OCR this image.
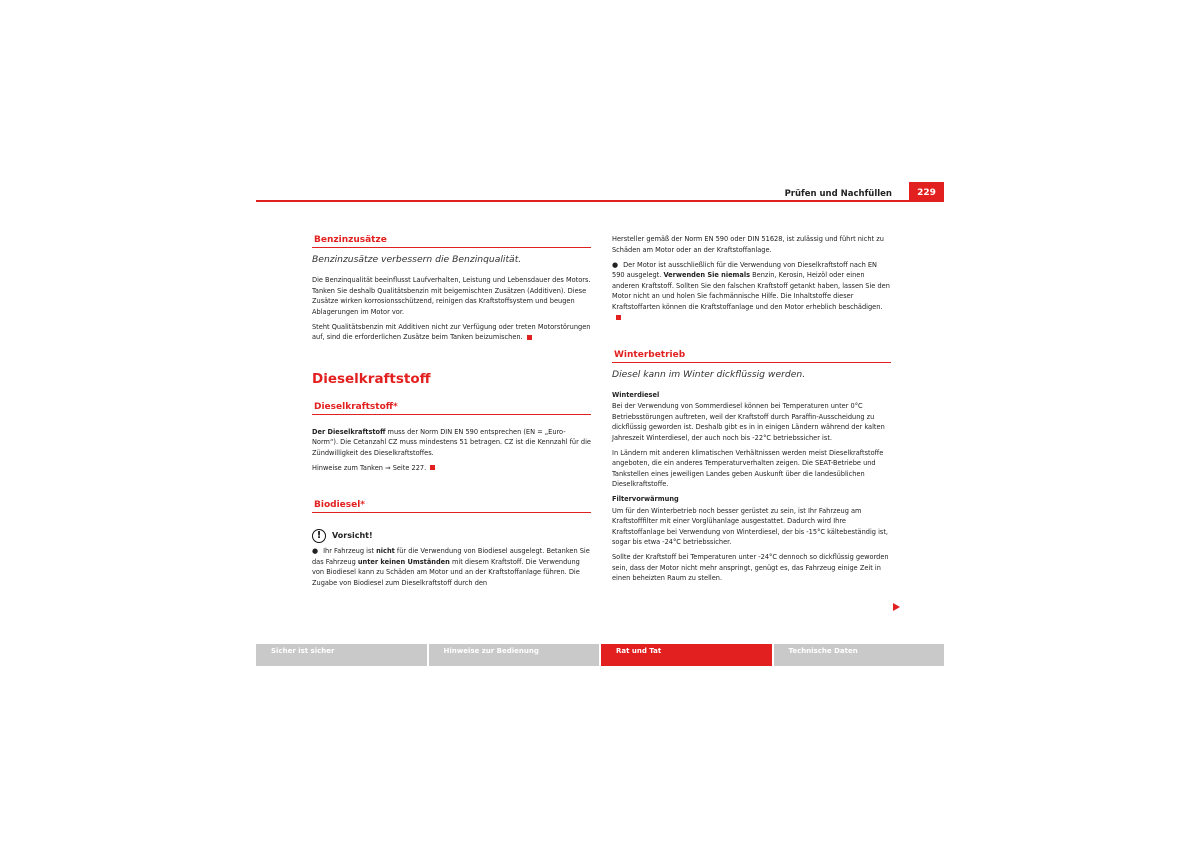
Prüfen und Nachfüllen	229
Benzinzusätze
Benzinzusätze verbessern die Benzinqualität.

Die Benzinqualität beeinflusst Laufverhalten, Leistung und Lebensdauer des Motors. Tanken Sie deshalb Qualitätsbenzin mit beigemischten Zusätzen (Additiven). Diese Zusätze wirken korrosionsschützend, reinigen das Kraftstoffsystem und beugen Ablagerungen im Motor vor.

Steht Qualitätsbenzin mit Additiven nicht zur Verfügung oder treten Motorstörungen auf, sind die erforderlichen Zusätze beim Tanken beizumischen.

Dieselkraftstoff
Dieselkraftstoff*

Der Dieselkraftstoff muss der Norm DIN EN 590 entsprechen (EN = „Euro-Norm“). Die Cetanzahl CZ muss mindestens 51 betragen. CZ ist die Kennzahl für die Zündwilligkeit des Dieselkraftstoffes.

Hinweise zum Tanken ⇒ Seite 227.

Biodiesel*
!	Vorsicht!

● Ihr Fahrzeug ist nicht für die Verwendung von Biodiesel ausgelegt. Betanken Sie das Fahrzeug unter keinen Umständen mit diesem Kraftstoff. Die Verwendung von Biodiesel kann zu Schäden am Motor und an der Kraftstoffanlage führen. Die Zugabe von Biodiesel zum Dieselkraftstoff durch den

Hersteller gemäß der Norm EN 590 oder DIN 51628, ist zulässig und führt nicht zu Schäden am Motor oder an der Kraftstoffanlage.

● Der Motor ist ausschließlich für die Verwendung von Dieselkraftstoff nach EN 590 ausgelegt. Verwenden Sie niemals Benzin, Kerosin, Heizöl oder einen anderen Kraftstoff. Sollten Sie den falschen Kraftstoff getankt haben, lassen Sie den Motor nicht an und holen Sie fachmännische Hilfe. Die Inhaltstoffe dieser Kraftstoffarten können die Kraftstoffanlage und den Motor erheblich beschädigen.

Winterbetrieb
Diesel kann im Winter dickflüssig werden.
Winterdiesel

Bei der Verwendung von Sommerdiesel können bei Temperaturen unter 0°C Betriebsstörungen auftreten, weil der Kraftstoff durch Paraffin-Ausscheidung zu dickflüssig geworden ist. Deshalb gibt es in in einigen Ländern während der kalten Jahreszeit Winterdiesel, der auch noch bis -22°C betriebssicher ist.

In Ländern mit anderen klimatischen Verhältnissen werden meist Dieselkraftstoffe angeboten, die ein anderes Temperaturverhalten zeigen. Die SEAT-Betriebe und Tankstellen eines jeweiligen Landes geben Auskunft über die landesüblichen Dieselkraftstoffe.

Filtervorwärmung

Um für den Winterbetrieb noch besser gerüstet zu sein, ist Ihr Fahrzeug am Kraftstofffilter mit einer Vorglühanlage ausgestattet. Dadurch wird Ihre Kraftstoffanlage bei Verwendung von Winterdiesel, der bis -15°C kältebeständig ist, sogar bis etwa -24°C betriebssicher.

Sollte der Kraftstoff bei Temperaturen unter -24°C dennoch so dickflüssig geworden sein, dass der Motor nicht mehr anspringt, genügt es, das Fahrzeug einige Zeit in einen beheizten Raum zu stellen.

Sicher ist sicher	Hinweise zur Bedienung	Rat und Tat	Technische Daten
